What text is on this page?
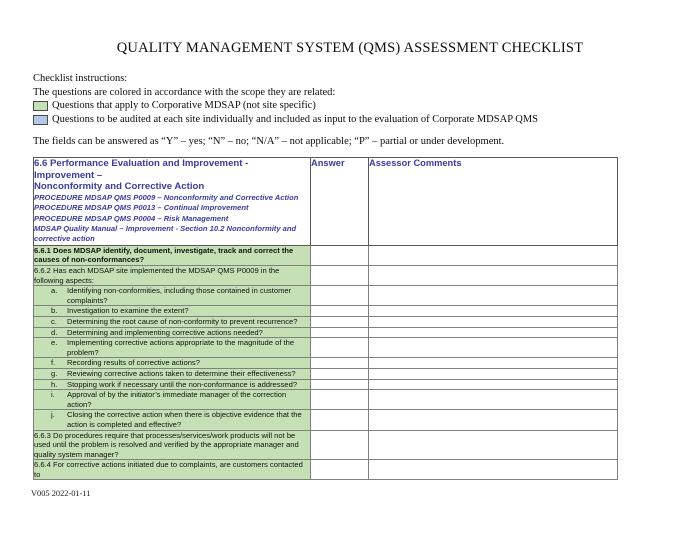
QUALITY MANAGEMENT SYSTEM (QMS) ASSESSMENT CHECKLIST
Checklist instructions:
The questions are colored in accordance with the scope they are related:
Questions that apply to Corporative MDSAP (not site specific)
Questions to be audited at each site individually and included as input to the evaluation of Corporate MDSAP QMS
The fields can be answered as “Y” – yes; “N” – no; “N/A” – not applicable; “P” – partial or under development.
6.6 Performance Evaluation and Improvement - Improvement –
Nonconformity and Corrective Action
PROCEDURE MDSAP QMS P0009 – Nonconformity and Corrective Action
PROCEDURE MDSAP QMS P0013 – Continual Improvement
PROCEDURE MDSAP QMS P0004 – Risk Management
MDSAP Quality Manual – Improvement - Section 10.2 Nonconformity and
corrective action
	Answer	Assessor Comments
6.6.1 Does MDSAP identify, document, investigate, track and correct the causes of non-conformances?		
6.6.2 Has each MDSAP site implemented the MDSAP QMS P0009 in the following aspects:		

a. Identifying non-conformities, including those contained in customer complaints?		

b. Investigation to examine the extent?		

c. Determining the root cause of non-conformity to prevent recurrence?		

d. Determining and implementing corrective actions needed?		

e. Implementing corrective actions appropriate to the magnitude of the problem?		

f. Recording results of corrective actions?		

g. Reviewing corrective actions taken to determine their effectiveness?		

h. Stopping work if necessary until the non-conformance is addressed?		

i. Approval of by the initiator’s immediate manager of the correction action?		

j. Closing the corrective action when there is objective evidence that the action is completed and effective?		

6.6.3 Do procedures require that processes/services/work products will not be used until the problem is resolved and verified by the appropriate manager and quality system manager?		
6.6.4 For corrective actions initiated due to complaints, are customers contacted to		
V005 2022-01-11
